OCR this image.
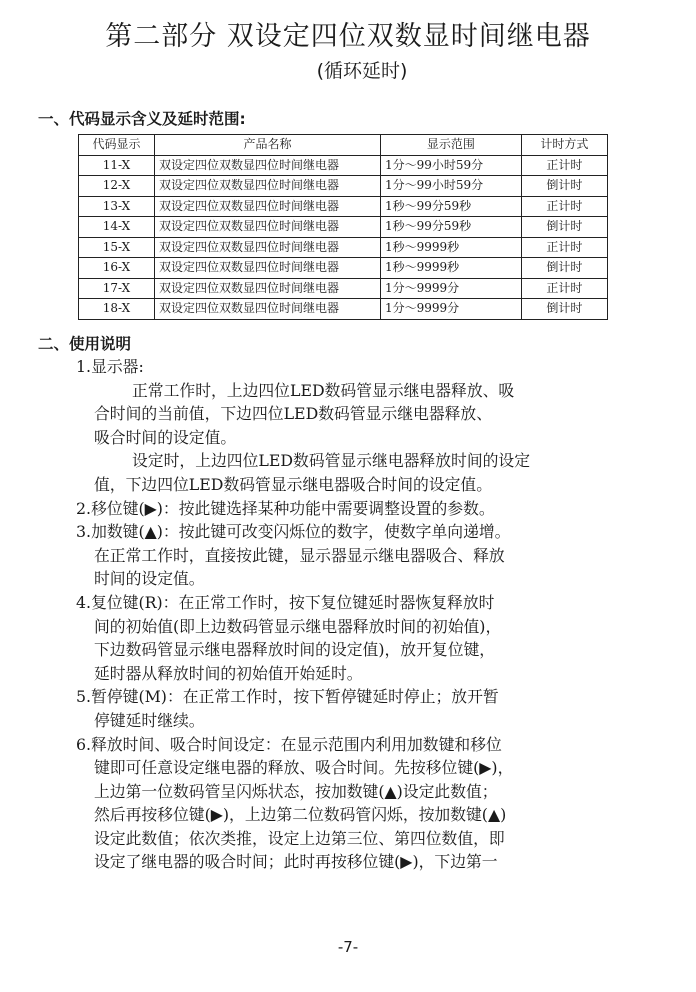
第二部分 双设定四位双数显时间继电器
(循环延时)
一、代码显示含义及延时范围:
代码显示	产品名称	显示范围	计时方式
11-X	双设定四位双数显四位时间继电器	1分～99小时59分	正计时
12-X	双设定四位双数显四位时间继电器	1分～99小时59分	倒计时
13-X	双设定四位双数显四位时间继电器	1秒～99分59秒	正计时
14-X	双设定四位双数显四位时间继电器	1秒～99分59秒	倒计时
15-X	双设定四位双数显四位时间继电器	1秒～9999秒	正计时
16-X	双设定四位双数显四位时间继电器	1秒～9999秒	倒计时
17-X	双设定四位双数显四位时间继电器	1分～9999分	正计时
18-X	双设定四位双数显四位时间继电器	1分～9999分	倒计时
二、使用说明
1.显示器:
正常工作时，上边四位LED数码管显示继电器释放、吸
合时间的当前值，下边四位LED数码管显示继电器释放、
吸合时间的设定值。
设定时，上边四位LED数码管显示继电器释放时间的设定
值，下边四位LED数码管显示继电器吸合时间的设定值。
2.移位键(▶)：按此键选择某种功能中需要调整设置的参数。
3.加数键(▲)：按此键可改变闪烁位的数字，使数字单向递增。
在正常工作时，直接按此键，显示器显示继电器吸合、释放
时间的设定值。
4.复位键(R)：在正常工作时，按下复位键延时器恢复释放时
间的初始值(即上边数码管显示继电器释放时间的初始值)，
下边数码管显示继电器释放时间的设定值)，放开复位键，
延时器从释放时间的初始值开始延时。
5.暂停键(M)：在正常工作时，按下暂停键延时停止；放开暂
停键延时继续。
6.释放时间、吸合时间设定：在显示范围内利用加数键和移位
键即可任意设定继电器的释放、吸合时间。先按移位键(▶)，
上边第一位数码管呈闪烁状态，按加数键(▲)设定此数值；
然后再按移位键(▶)，上边第二位数码管闪烁，按加数键(▲)
设定此数值；依次类推，设定上边第三位、第四位数值，即
设定了继电器的吸合时间；此时再按移位键(▶)，下边第一
-7-
